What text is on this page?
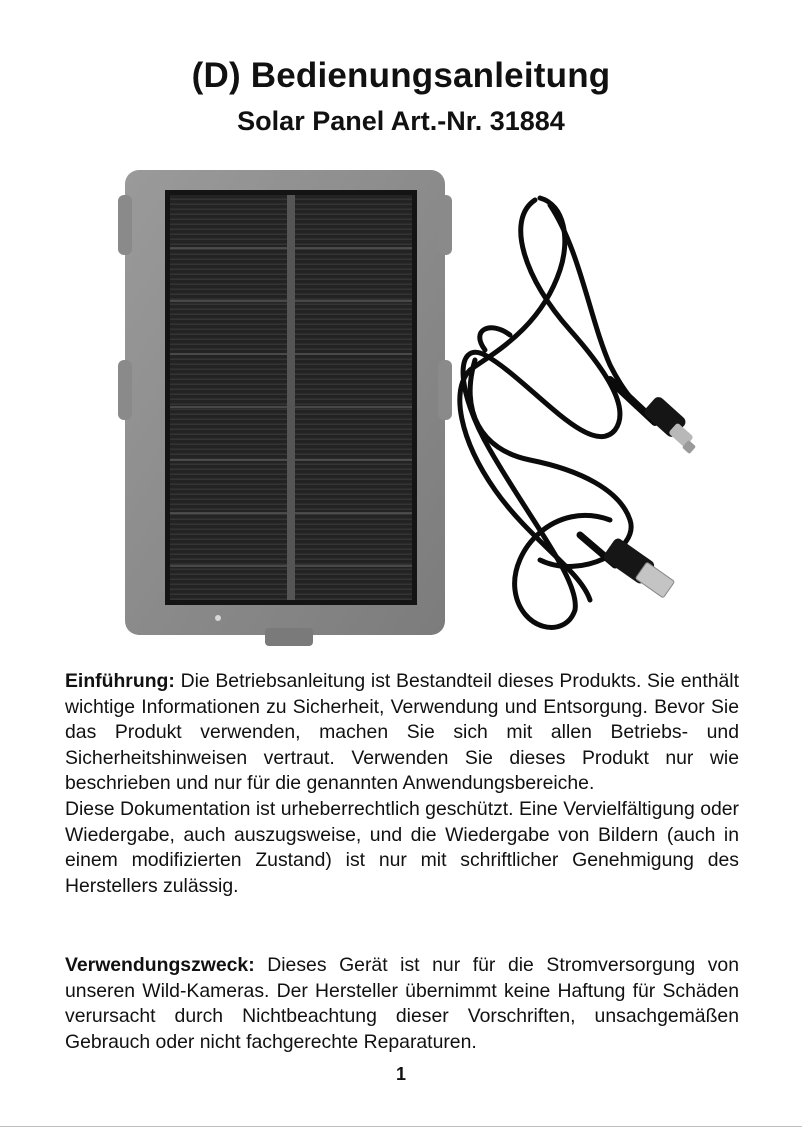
(D) Bedienungsanleitung
Solar Panel Art.-Nr. 31884

Einführung: Die Betriebsanleitung ist Bestandteil dieses Produkts. Sie enthält wichtige Informationen zu Sicherheit, Verwendung und Entsorgung. Bevor Sie das Produkt verwenden, machen Sie sich mit allen Betriebs- und Sicherheitshinweisen vertraut. Verwenden Sie dieses Produkt nur wie beschrieben und nur für die genannten Anwendungsbereiche.

Diese Dokumentation ist urheberrechtlich geschützt. Eine Vervielfältigung oder Wiedergabe, auch auszugsweise, und die Wiedergabe von Bildern (auch in einem modifizierten Zustand) ist nur mit schriftlicher Genehmigung des Herstellers zulässig.

Verwendungszweck: Dieses Gerät ist nur für die Stromversorgung von unseren Wild-Kameras. Der Hersteller übernimmt keine Haftung für Schäden verursacht durch Nichtbeachtung dieser Vorschriften, unsachgemäßen Gebrauch oder nicht fachgerechte Reparaturen.

1
